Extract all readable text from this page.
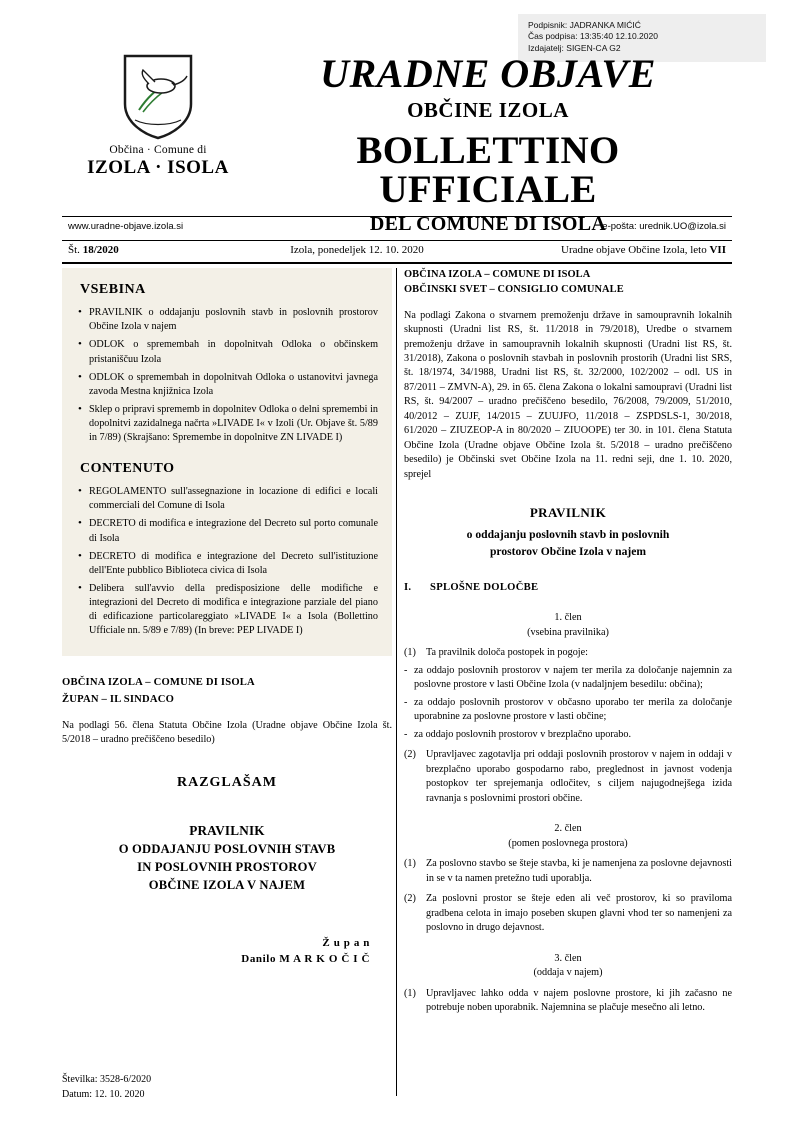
Podpisnik: JADRANKA MIĆIĆ
Čas podpisa: 13:35:40 12.10.2020
Izdajatelj: SIGEN-CA G2
Občina · Comune di
IZOLA · ISOLA
URADNE OBJAVE
OBČINE IZOLA
BOLLETTINO UFFICIALE
DEL COMUNE DI ISOLA
www.uradne-objave.izola.si	e-pošta: urednik.UO@izola.si
Št. 18/2020	Izola, ponedeljek 12. 10. 2020	Uradne objave Občine Izola, leto VII
VSEBINA
• PRAVILNIK o oddajanju poslovnih stavb in poslovnih prostorov Občine Izola v najem
• ODLOK o spremembah in dopolnitvah Odloka o občinskem pristaniščuu Izola
• ODLOK o spremembah in dopolnitvah Odloka o ustanovitvi javnega zavoda Mestna knjižnica Izola
• Sklep o pripravi sprememb in dopolnitev Odloka o delni spremembi in dopolnitvi zazidalnega načrta »LIVADE I« v Izoli (Ur. Objave št. 5/89 in 7/89) (Skrajšano: Spremembe in dopolnitve ZN LIVADE I)
CONTENUTO
• REGOLAMENTO sull'assegnazione in locazione di edifici e locali commerciali del Comune di Isola
• DECRETO di modifica e integrazione del Decreto sul porto comunale di Isola
• DECRETO di modifica e integrazione del Decreto sull'istituzione dell'Ente pubblico Biblioteca civica di Isola
• Delibera sull'avvio della predisposizione delle modifiche e integrazioni del Decreto di modifica e integrazione parziale del piano di edificazione particolareggiato »LIVADE I« a Isola (Bollettino Ufficiale nn. 5/89 e 7/89) (In breve: PEP LIVADE I)
OBČINA IZOLA – COMUNE DI ISOLA
ŽUPAN – IL SINDACO
Na podlagi 56. člena Statuta Občine Izola (Uradne objave Občine Izola št. 5/2018 – uradno prečiščeno besedilo)
RAZGLAŠAM
PRAVILNIK
O ODDAJANJU POSLOVNIH STAVB
IN POSLOVNIH PROSTOROV
OBČINE IZOLA V NAJEM
Ž u p a n
Danilo M A R K O Č I Č
Številka: 3528-6/2020
Datum: 12. 10. 2020
OBČINA IZOLA – COMUNE DI ISOLA
OBČINSKI SVET – CONSIGLIO COMUNALE
Na podlagi Zakona o stvarnem premoženju države in samoupravnih lokalnih skupnosti (Uradni list RS, št. 11/2018 in 79/2018), Uredbe o stvarnem premoženju države in samoupravnih lokalnih skupnosti (Uradni list RS, št. 31/2018), Zakona o poslovnih stavbah in poslovnih prostorih (Uradni list SRS, št. 18/1974, 34/1988, Uradni list RS, št. 32/2000, 102/2002 – odl. US in 87/2011 – ZMVN-A), 29. in 65. člena Zakona o lokalni samoupravi (Uradni list RS, št. 94/2007 – uradno prečiščeno besedilo, 76/2008, 79/2009, 51/2010, 40/2012 – ZUJF, 14/2015 – ZUUJFO, 11/2018 – ZSPDSLS-1, 30/2018, 61/2020 – ZIUZEOP-A in 80/2020 – ZIUOOPE) ter 30. in 101. člena Statuta Občine Izola (Uradne objave Občine Izola št. 5/2018 – uradno prečiščeno besedilo) je Občinski svet Občine Izola na 11. redni seji, dne 1. 10. 2020, sprejel
PRAVILNIK
o oddajanju poslovnih stavb in poslovnih
prostorov Občine Izola v najem
I. SPLOŠNE DOLOČBE
1. člen
(vsebina pravilnika)
(1) Ta pravilnik določa postopek in pogoje:
- za oddajo poslovnih prostorov v najem ter merila za določanje najemnin za poslovne prostore v lasti Občine Izola (v nadaljnjem besedilu: občina);
- za oddajo poslovnih prostorov v občasno uporabo ter merila za določanje uporabnine za poslovne prostore v lasti občine;
- za oddajo poslovnih prostorov v brezplačno uporabo.
(2) Upravljavec zagotavlja pri oddaji poslovnih prostorov v najem in oddaji v brezplačno uporabo gospodarno rabo, preglednost in javnost vodenja postopkov ter sprejemanja odločitev, s ciljem najugodnejšega izida ravnanja s poslovnimi prostori občine.
2. člen
(pomen poslovnega prostora)
(1) Za poslovno stavbo se šteje stavba, ki je namenjena za poslovne dejavnosti in se v ta namen pretežno tudi uporablja.
(2) Za poslovni prostor se šteje eden ali več prostorov, ki so praviloma gradbena celota in imajo poseben skupen glavni vhod ter so namenjeni za poslovno in drugo dejavnost.
3. člen
(oddaja v najem)
(1) Upravljavec lahko odda v najem poslovne prostore, ki jih začasno ne potrebuje noben uporabnik. Najemnina se plačuje mesečno ali letno.
